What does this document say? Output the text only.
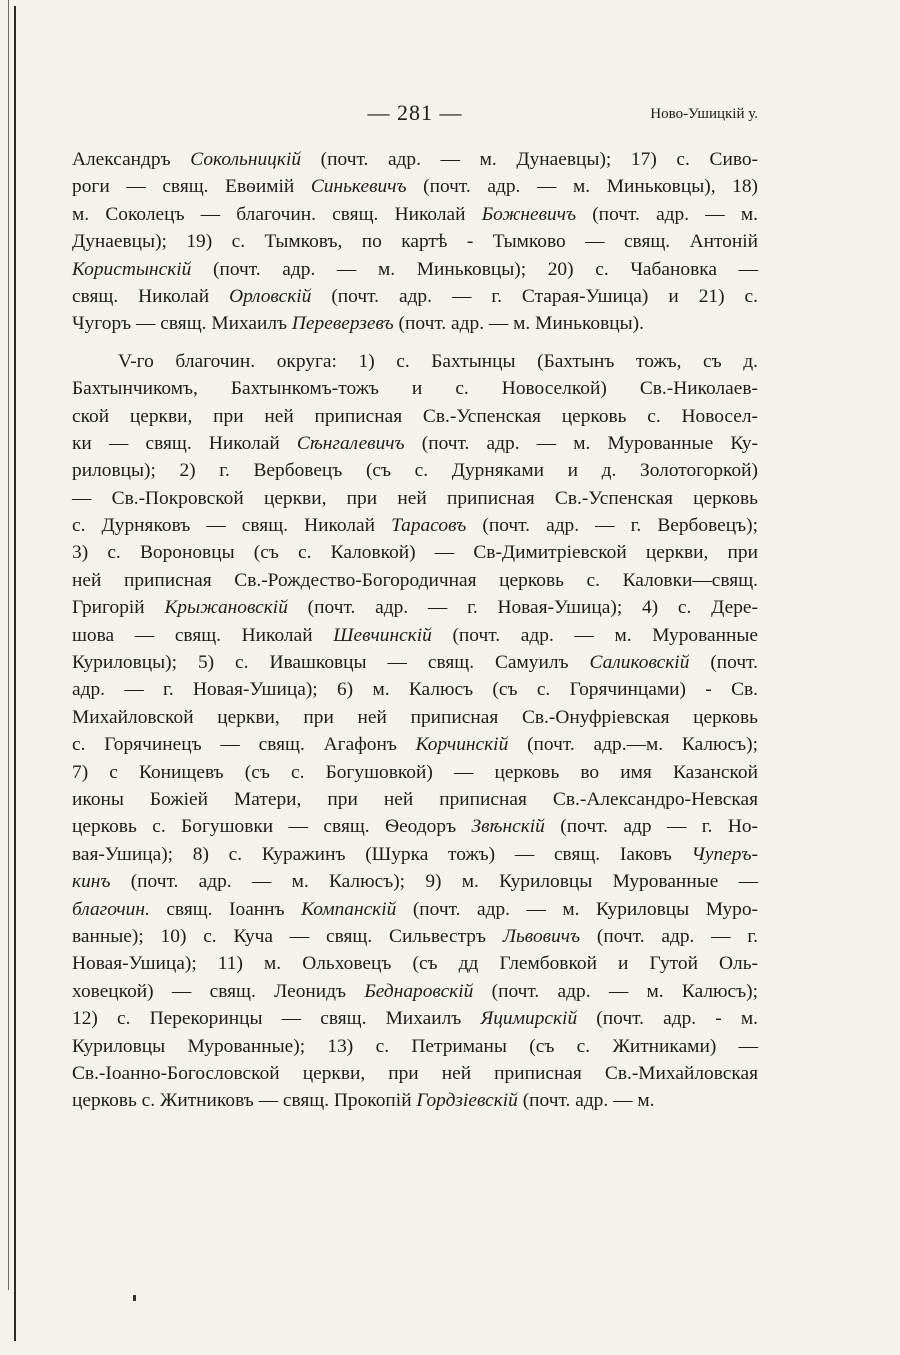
— 281 —	Ново-Ушицкій у.
Александръ Сокольницкій (почт. адр. — м. Дунаевцы); 17) с. Сиво-
роги — свящ. Евѳимій Синькевичъ (почт. адр. — м. Миньковцы), 18)
м. Соколецъ — благочин. свящ. Николай Божневичъ (почт. адр. — м.
Дунаевцы); 19) с. Тымковъ, по картѣ - Тымково — свящ. Антоній
Користынскій (почт. адр. — м. Миньковцы); 20) с. Чабановка —
свящ. Николай Орловскій (почт. адр. — г. Старая-Ушица) и 21) с.
Чугоръ — свящ. Михаилъ Переверзевъ (почт. адр. — м. Миньковцы).
V-го благочин. округа: 1) с. Бахтынцы (Бахтынъ тожъ, съ д.
Бахтынчикомъ, Бахтынкомъ-тожъ и с. Новоселкой) Св.-Николаев-
ской церкви, при ней приписная Св.-Успенская церковь с. Новосел-
ки — свящ. Николай Сѣнгалевичъ (почт. адр. — м. Мурованные Ку-
риловцы); 2) г. Вербовецъ (съ с. Дурняками и д. Золотогоркой)
— Св.-Покровской церкви, при ней приписная Св.-Успенская церковь
с. Дурняковъ — свящ. Николай Тарасовъ (почт. адр. — г. Вербовецъ);
3) с. Вороновцы (съ с. Каловкой) — Св-Димитріевской церкви, при
ней приписная Св.-Рождество-Богородичная церковь с. Каловки—свящ.
Григорій Крыжановскій (почт. адр. — г. Новая-Ушица); 4) с. Дере-
шова — свящ. Николай Шевчинскій (почт. адр. — м. Мурованные
Куриловцы); 5) с. Ивашковцы — свящ. Самуилъ Саликовскій (почт.
адр. — г. Новая-Ушица); 6) м. Калюсъ (съ с. Горячинцами) - Св.
Михайловской церкви, при ней приписная Св.-Онуфріевская церковь
с. Горячинецъ — свящ. Агафонъ Корчинскій (почт. адр.—м. Калюсъ);
7) с Конищевъ (съ с. Богушовкой) — церковь во имя Казанской
иконы Божіей Матери, при ней приписная Св.-Александро-Невская
церковь с. Богушовки — свящ. Ѳеодоръ Звѣнскій (почт. адр — г. Но-
вая-Ушица); 8) с. Куражинъ (Шурка тожъ) — свящ. Іаковъ Чуперъ-
кинъ (почт. адр. — м. Калюсъ); 9) м. Куриловцы Мурованные —
благочин. свящ. Іоаннъ Компанскій (почт. адр. — м. Куриловцы Муро-
ванные); 10) с. Куча — свящ. Сильвестръ Львовичъ (почт. адр. — г.
Новая-Ушица); 11) м. Ольховецъ (съ дд Глембовкой и Гутой Оль-
ховецкой) — свящ. Леонидъ Беднаровскій (почт. адр. — м. Калюсъ);
12) с. Перекоринцы — свящ. Михаилъ Яцимирскій (почт. адр. - м.
Куриловцы Мурованные); 13) с. Петриманы (съ с. Житниками) —
Св.-Іоанно-Богословской церкви, при ней приписная Св.-Михайловская
церковь с. Житниковъ — свящ. Прокопій Гордзіевскій (почт. адр. — м.
